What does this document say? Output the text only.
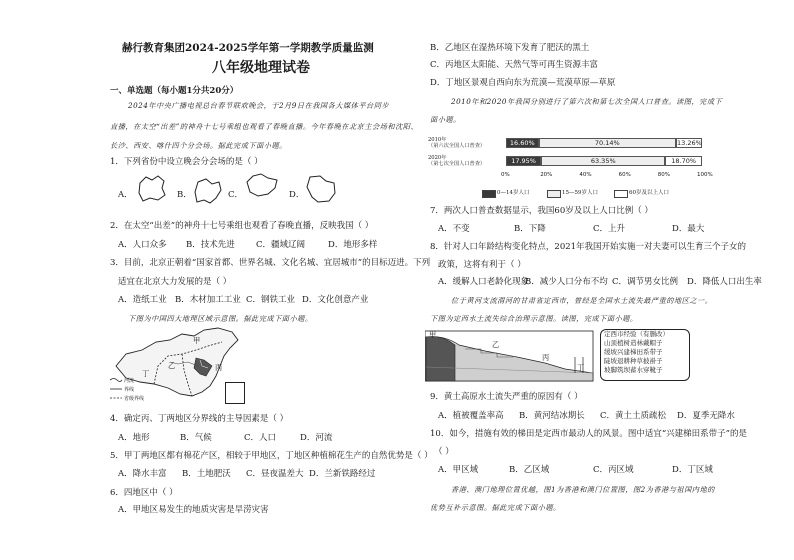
赫行教育集团2024-2025学年第一学期教学质量监测
八年级地理试卷
一、单选题（每小题1分共20分）
2024年中央广播电视总台春节联欢晚会，于2月9日在我国各大媒体平台同步
直播，在太空“出差”的神舟十七号乘组也观看了春晚直播。今年春晚在北京主会场和沈阳、
长沙、西安、喀什四个分会场。据此完成下面小题。
1．下列省份中设立晚会分会场的是（ ）
A．	B．	C．	D．
2．在太空“出差”的神舟十七号乘组也观看了春晚直播，反映我国（ ）
A．人口众多 B．技术先进	C．疆域辽阔	D．地形多样
3．目前，北京正朝着“国家首都、世界名城、文化名城、宜居城市”的目标迈进。下列
适宜在北京大力发展的是（ ）
A．造纸工业 B．木材加工工业 C．钢铁工业 D．文化创意产业
下图为中国四大地理区域示意图。据此完成下面小题。
甲
乙	丙
丁
河流
界线
省级界线
4．确定丙、丁两地区分界线的主导因素是（ ）
A．地形	B．气候	C．人口	D．河流
5．甲丁两地区都有棉花产区，相较于甲地区，丁地区种植棉花生产的自然优势是（ ）
A．降水丰富 B．土地肥沃 C．昼夜温差大 D．兰新铁路经过
6．四地区中（ ）
A．甲地区易发生的地质灾害是旱涝灾害
B．乙地区在湿热环境下发育了肥沃的黑土
C．丙地区太阳能、天然气等可再生资源丰富
D．丁地区景观自西向东为荒漠—荒漠草原—草原
2010年和2020年我国分别进行了第六次和第七次全国人口普查。读图，完成下
面小题。
2010年
（第六次全国人口普查）
2020年
（第七次全国人口普查）
16.60%	70.14%	13.26%
17.95%	63.35%	18.70%
0%	20%	40%	60%	80%	100%
0—14岁人口	15—59岁人口	60岁及以上人口
7．两次人口普查数据显示，我国60岁及以上人口比例（ ）
A．不变	B．下降	C．上升	D．最大
8．针对人口年龄结构变化特点，2021年我国开始实施一对夫妻可以生育三个子女的
政策，这将有利于（ ）
A．缓解人口老龄化现象
B．减少人口分布不均 C．调节男女比例 D．降低人口出生率
位于黄河支流渭河的甘肃省定西市，曾经是全国水土流失最严重的地区之一。
下图为定西水土流失综合治理示意图。读图，完成下面小题。
甲
乙
丙
丁
定西市经验（有删改）
山顶植树造林戴帽子
缓坡兴建梯田系带子
陡坡退耕种草披褂子
坡脚筑坝蓄水穿靴子
9．黄土高原水土流失严重的原因有（ ）
A．植被覆盖率高 B．黄河结冰期长 C．黄土土质疏松 D．夏季无降水
10．如今，措施有效的梯田是定西市最动人的风景。图中适宜“兴建梯田系带子”的是
（ ）
A．甲区域	B．乙区域	C．丙区域	D．丁区域
香港、澳门地理位置优越，图1为香港和澳门位置图，图2为香港与祖国内地的
优势互补示意图。据此完成下面小题。
